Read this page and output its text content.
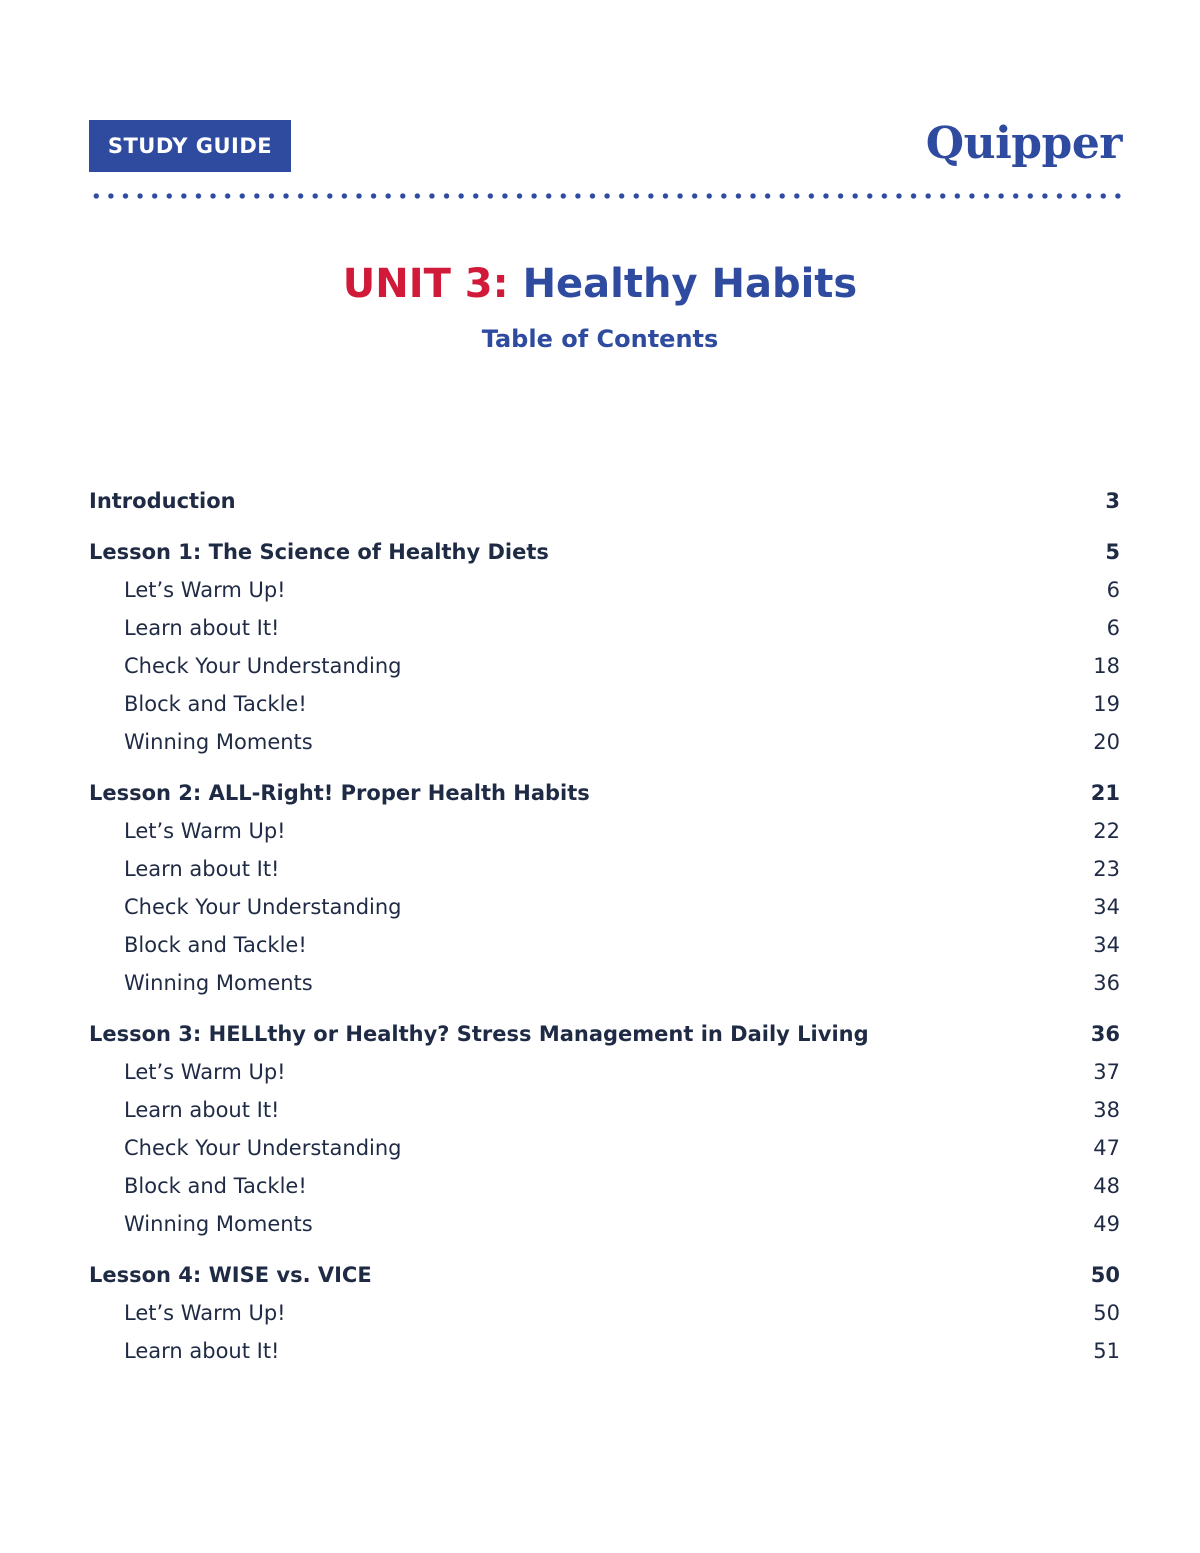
STUDY GUIDE	Quipper
UNIT 3: Healthy Habits
Table of Contents
Introduction	3
Lesson 1: The Science of Healthy Diets	5
Let’s Warm Up!	6
Learn about It!	6
Check Your Understanding	18
Block and Tackle!	19
Winning Moments	20
Lesson 2: ALL-Right! Proper Health Habits	21
Let’s Warm Up!	22
Learn about It!	23
Check Your Understanding	34
Block and Tackle!	34
Winning Moments	36
Lesson 3: HELLthy or Healthy? Stress Management in Daily Living	36
Let’s Warm Up!	37
Learn about It!	38
Check Your Understanding	47
Block and Tackle!	48
Winning Moments	49
Lesson 4: WISE vs. VICE	50
Let’s Warm Up!	50
Learn about It!	51
